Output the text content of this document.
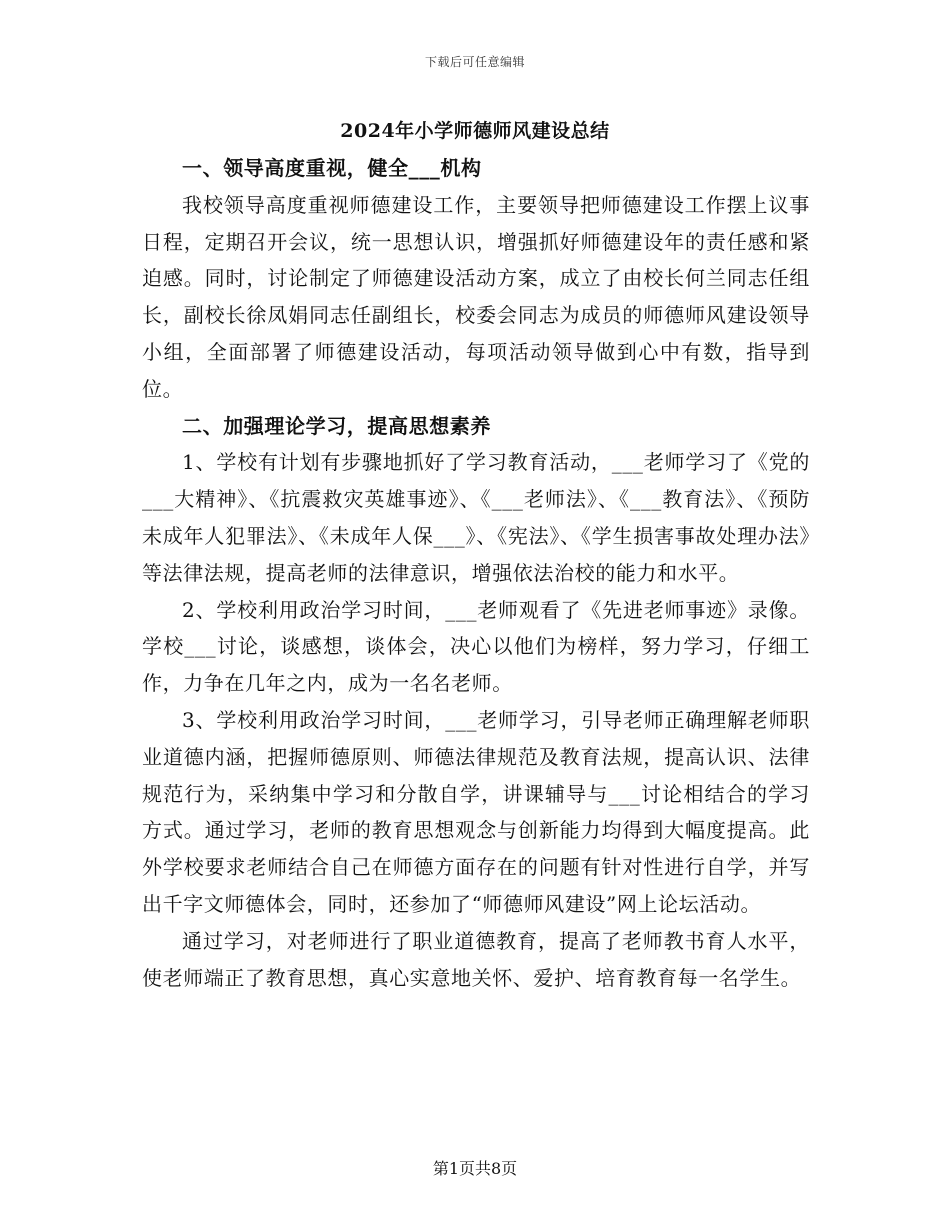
下载后可任意编辑
2024年小学师德师风建设总结
一、领导高度重视，健全___机构

我校领导高度重视师德建设工作，主要领导把师德建设工作摆上议事日程，定期召开会议，统一思想认识，增强抓好师德建设年的责任感和紧迫感。同时，讨论制定了师德建设活动方案，成立了由校长何兰同志任组长，副校长徐凤娟同志任副组长，校委会同志为成员的师德师风建设领导小组，全面部署了师德建设活动，每项活动领导做到心中有数，指导到位。

二、加强理论学习，提高思想素养

1、学校有计划有步骤地抓好了学习教育活动，___老师学习了《党的___大精神》、《抗震救灾英雄事迹》、《___老师法》、《___教育法》、《预防未成年人犯罪法》、《未成年人保___》、《宪法》、《学生损害事故处理办法》等法律法规，提高老师的法律意识，增强依法治校的能力和水平。

2、学校利用政治学习时间，___老师观看了《先进老师事迹》录像。学校___讨论，谈感想，谈体会，决心以他们为榜样，努力学习，仔细工作，力争在几年之内，成为一名名老师。

3、学校利用政治学习时间，___老师学习，引导老师正确理解老师职业道德内涵，把握师德原则、师德法律规范及教育法规，提高认识、法律规范行为，采纳集中学习和分散自学，讲课辅导与___讨论相结合的学习方式。通过学习，老师的教育思想观念与创新能力均得到大幅度提高。此外学校要求老师结合自己在师德方面存在的问题有针对性进行自学，并写出千字文师德体会，同时，还参加了“师德师风建设”网上论坛活动。

通过学习，对老师进行了职业道德教育，提高了老师教书育人水平，使老师端正了教育思想，真心实意地关怀、爱护、培育教育每一名学生。

第1页共8页
